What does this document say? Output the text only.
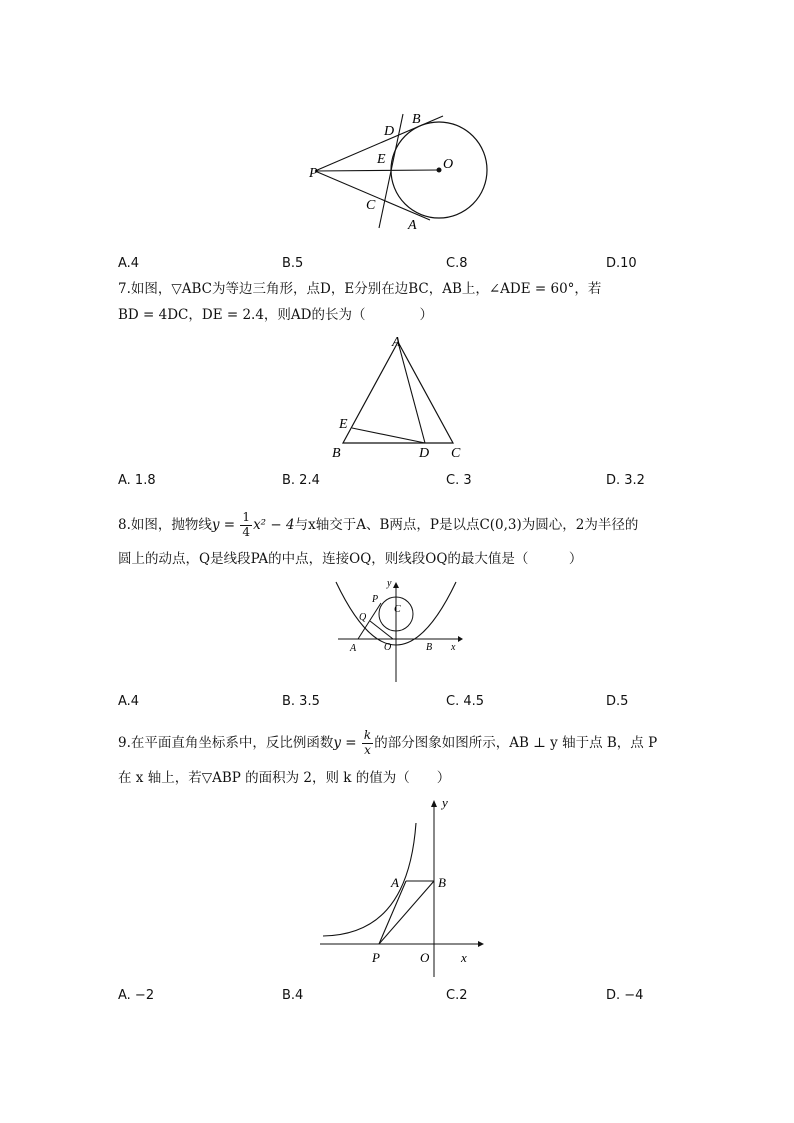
B
D
E	O
P
C
A
A.4	B.5	C.8	D.10
7.如图，▽ABC为等边三角形，点D，E分别在边BC，AB上，∠ADE = 60°，若
BD = 4DC，DE = 2.4，则AD的长为（　　　　）
A
E
B	D C
A. 1.8	B. 2.4	C. 3	D. 3.2
8.如图，抛物线$y = \frac{1}{4} x^2 - 4$与x轴交于A、B两点，P是以点C(0,3)为圆心，2为半径的
圆上的动点，Q是线段PA的中点，连接OQ，则线段OQ的最大值是（　　　）
y
P
C
Q
A	O	B x
A.4	B. 3.5	C. 4.5	D.5
9.在平面直角坐标系中，反比例函数$y = \frac{k}{x}$ 的部分图象如图所示，AB ⊥ y 轴于点 B，点 P
在 x 轴上，若▽ABP 的面积为 2，则 k 的值为（　　）
y
A	B
P	O x
A. −2	B.4	C.2	D. −4
